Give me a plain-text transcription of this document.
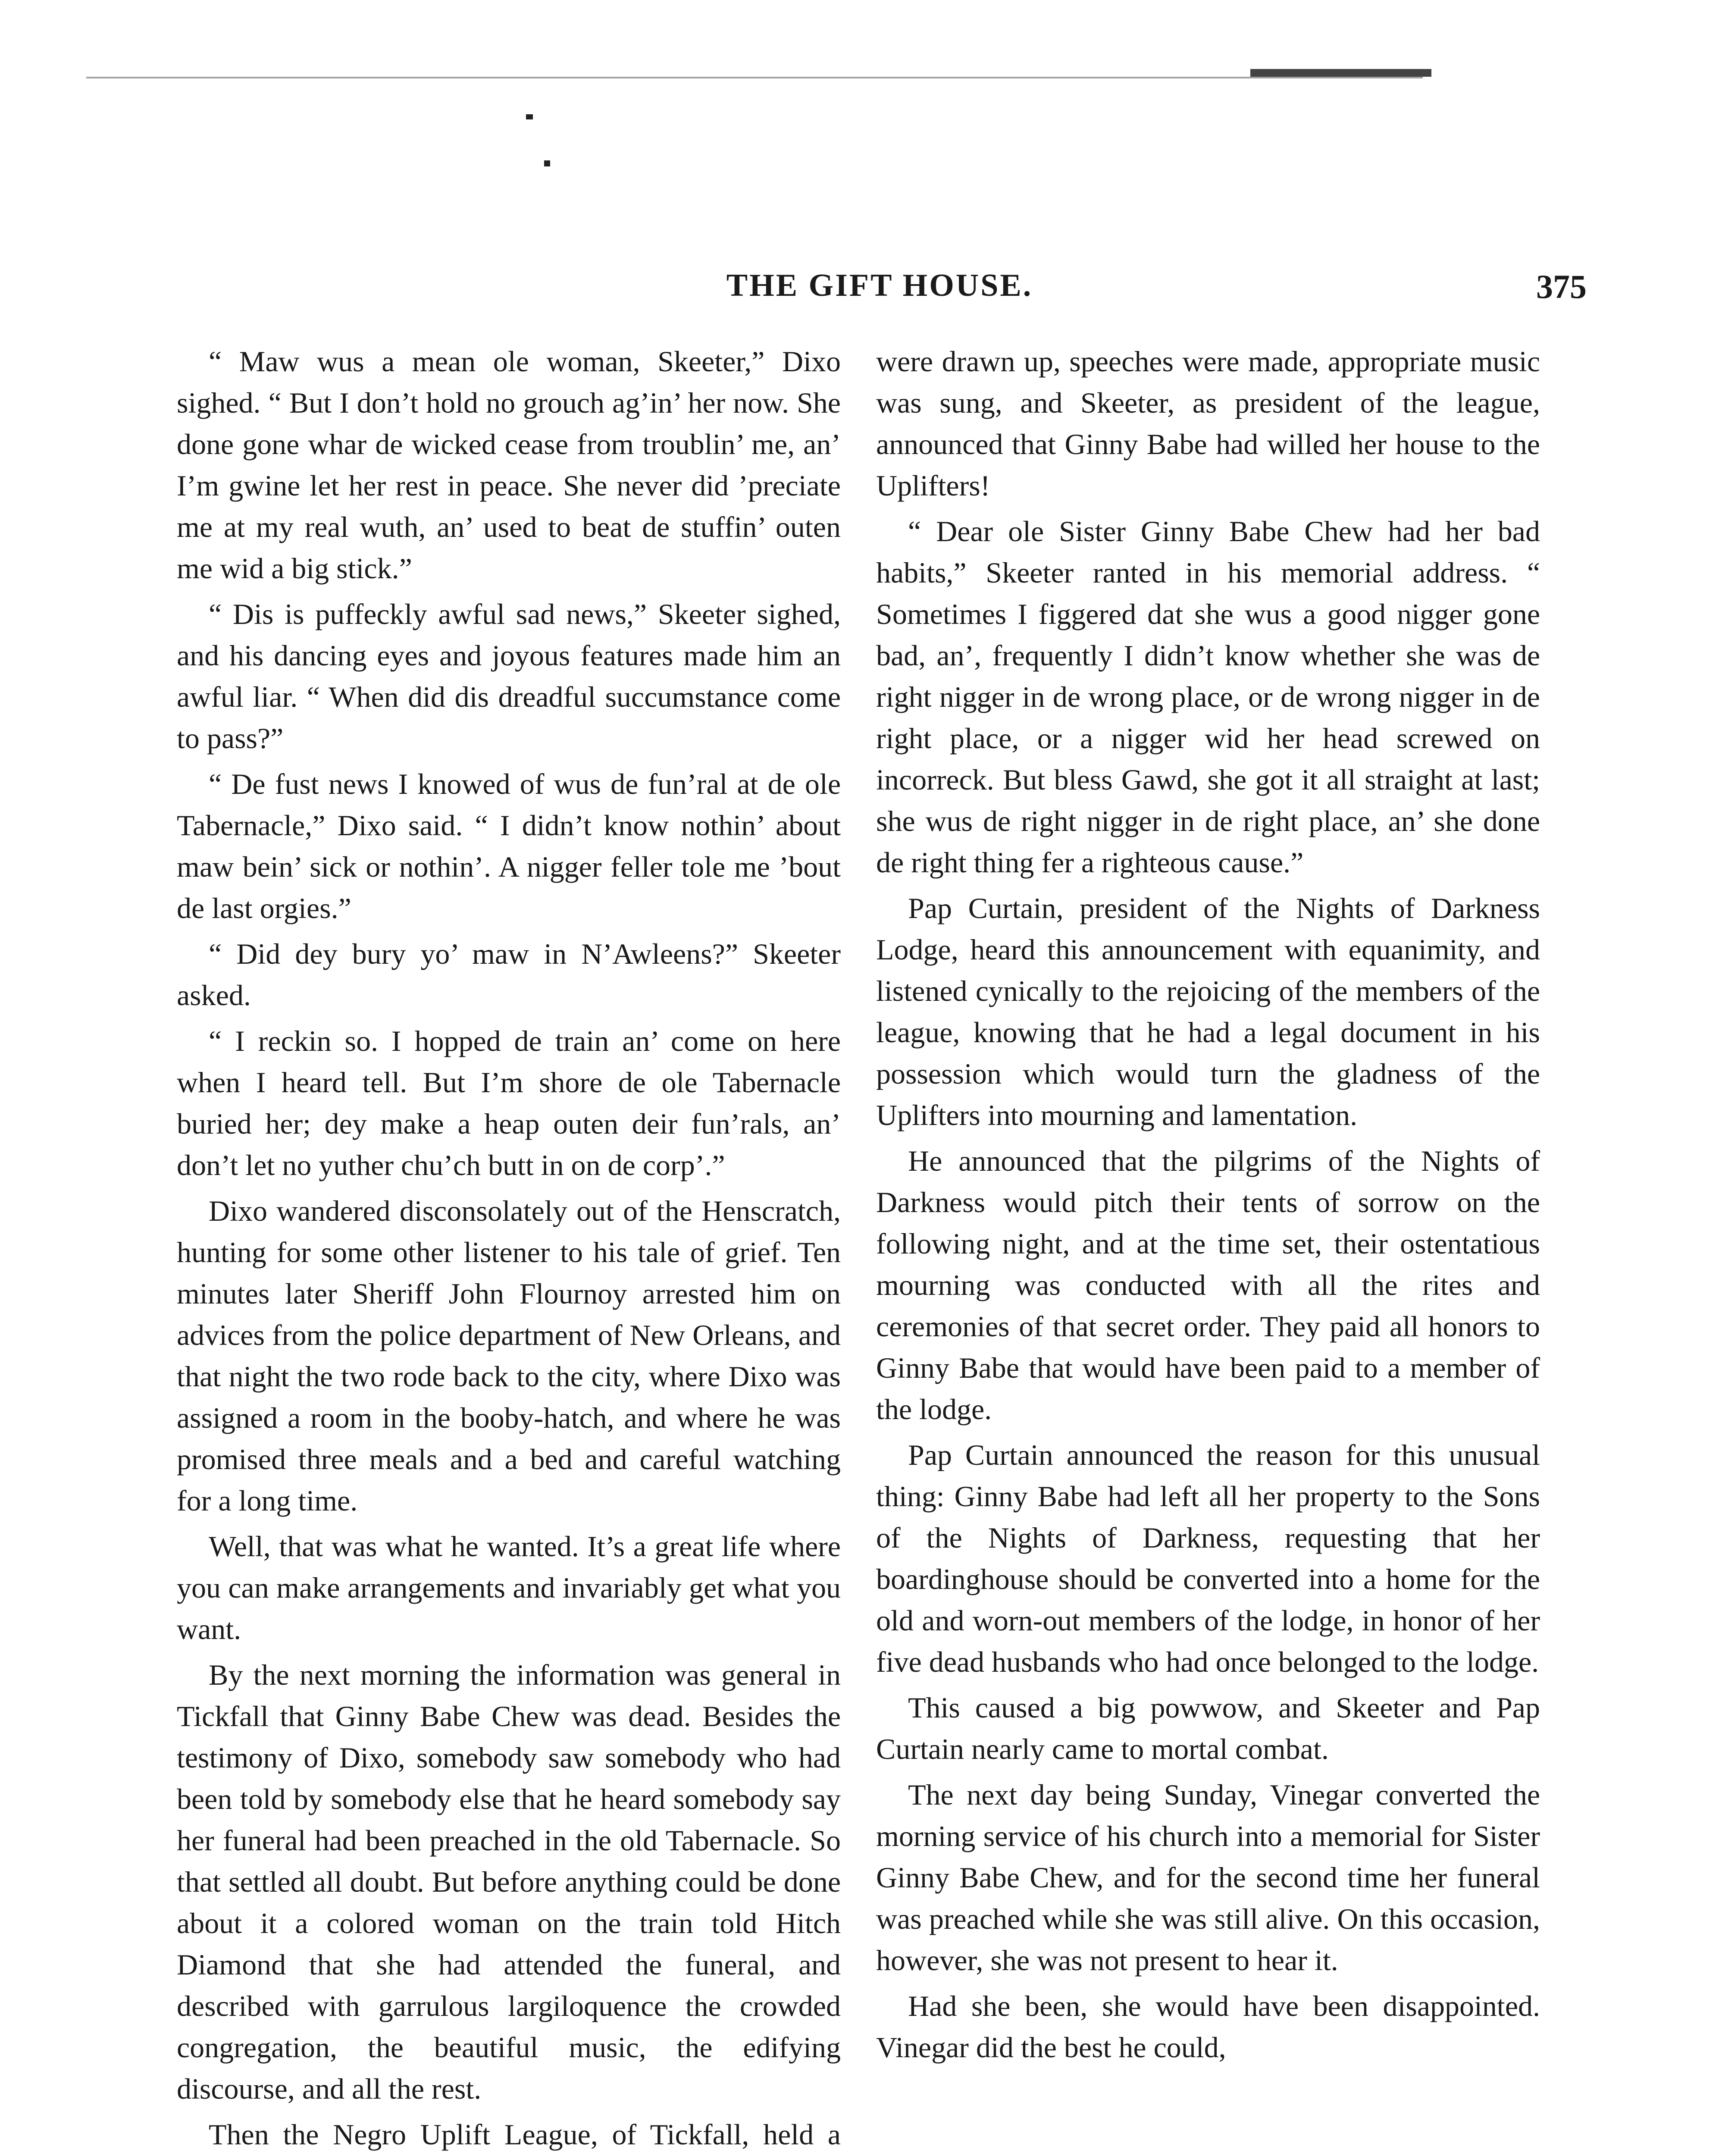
THE GIFT HOUSE.	375

“ Maw wus a mean ole woman, Skeeter,” Dixo sighed. “ But I don’t hold no grouch ag’in’ her now. She done gone whar de wicked cease from troublin’ me, an’ I’m gwine let her rest in peace. She never did ’preciate me at my real wuth, an’ used to beat de stuffin’ outen me wid a big stick.”

“ Dis is puffeckly awful sad news,” Skeeter sighed, and his dancing eyes and joyous features made him an awful liar. “ When did dis dreadful succumstance come to pass?”

“ De fust news I knowed of wus de fun’ral at de ole Tabernacle,” Dixo said. “ I didn’t know nothin’ about maw bein’ sick or nothin’. A nigger feller tole me ’bout de last orgies.”

“ Did dey bury yo’ maw in N’Awleens?” Skeeter asked.

“ I reckin so. I hopped de train an’ come on here when I heard tell. But I’m shore de ole Tabernacle buried her; dey make a heap outen deir fun’rals, an’ don’t let no yuther chu’ch butt in on de corp’.”

Dixo wandered disconsolately out of the Henscratch, hunting for some other listener to his tale of grief. Ten minutes later Sheriff John Flournoy arrested him on advices from the police department of New Orleans, and that night the two rode back to the city, where Dixo was assigned a room in the booby-hatch, and where he was promised three meals and a bed and careful watching for a long time.

Well, that was what he wanted. It’s a great life where you can make arrangements and invariably get what you want.

By the next morning the information was general in Tickfall that Ginny Babe Chew was dead. Besides the testimony of Dixo, somebody saw somebody who had been told by somebody else that he heard somebody say her funeral had been preached in the old Tabernacle. So that settled all doubt. But before anything could be done about it a colored woman on the train told Hitch Diamond that she had attended the funeral, and described with garrulous largiloquence the crowded congregation, the beautiful music, the edifying discourse, and all the rest.

Then the Negro Uplift League, of Tickfall, held a

were drawn up, speeches were made, appropriate music was sung, and Skeeter, as president of the league, announced that Ginny Babe had willed her house to the Uplifters!

“ Dear ole Sister Ginny Babe Chew had her bad habits,” Skeeter ranted in his memorial address. “ Sometimes I figgered dat she wus a good nigger gone bad, an’, frequently I didn’t know whether she was de right nigger in de wrong place, or de wrong nigger in de right place, or a nigger wid her head screwed on incorreck. But bless Gawd, she got it all straight at last; she wus de right nigger in de right place, an’ she done de right thing fer a righteous cause.”

Pap Curtain, president of the Nights of Darkness Lodge, heard this announcement with equanimity, and listened cynically to the rejoicing of the members of the league, knowing that he had a legal document in his possession which would turn the gladness of the Uplifters into mourning and lamentation.

He announced that the pilgrims of the Nights of Darkness would pitch their tents of sorrow on the following night, and at the time set, their ostentatious mourning was conducted with all the rites and ceremonies of that secret order. They paid all honors to Ginny Babe that would have been paid to a member of the lodge.

Pap Curtain announced the reason for this unusual thing: Ginny Babe had left all her property to the Sons of the Nights of Darkness, requesting that her boardinghouse should be converted into a home for the old and worn-out members of the lodge, in honor of her five dead husbands who had once belonged to the lodge.

This caused a big powwow, and Skeeter and Pap Curtain nearly came to mortal combat.

The next day being Sunday, Vinegar converted the morning service of his church into a memorial for Sister Ginny Babe Chew, and for the second time her funeral was preached while she was still alive. On this occasion, however, she was not present to hear it.

Had she been, she would have been disappointed. Vinegar did the best he could,
